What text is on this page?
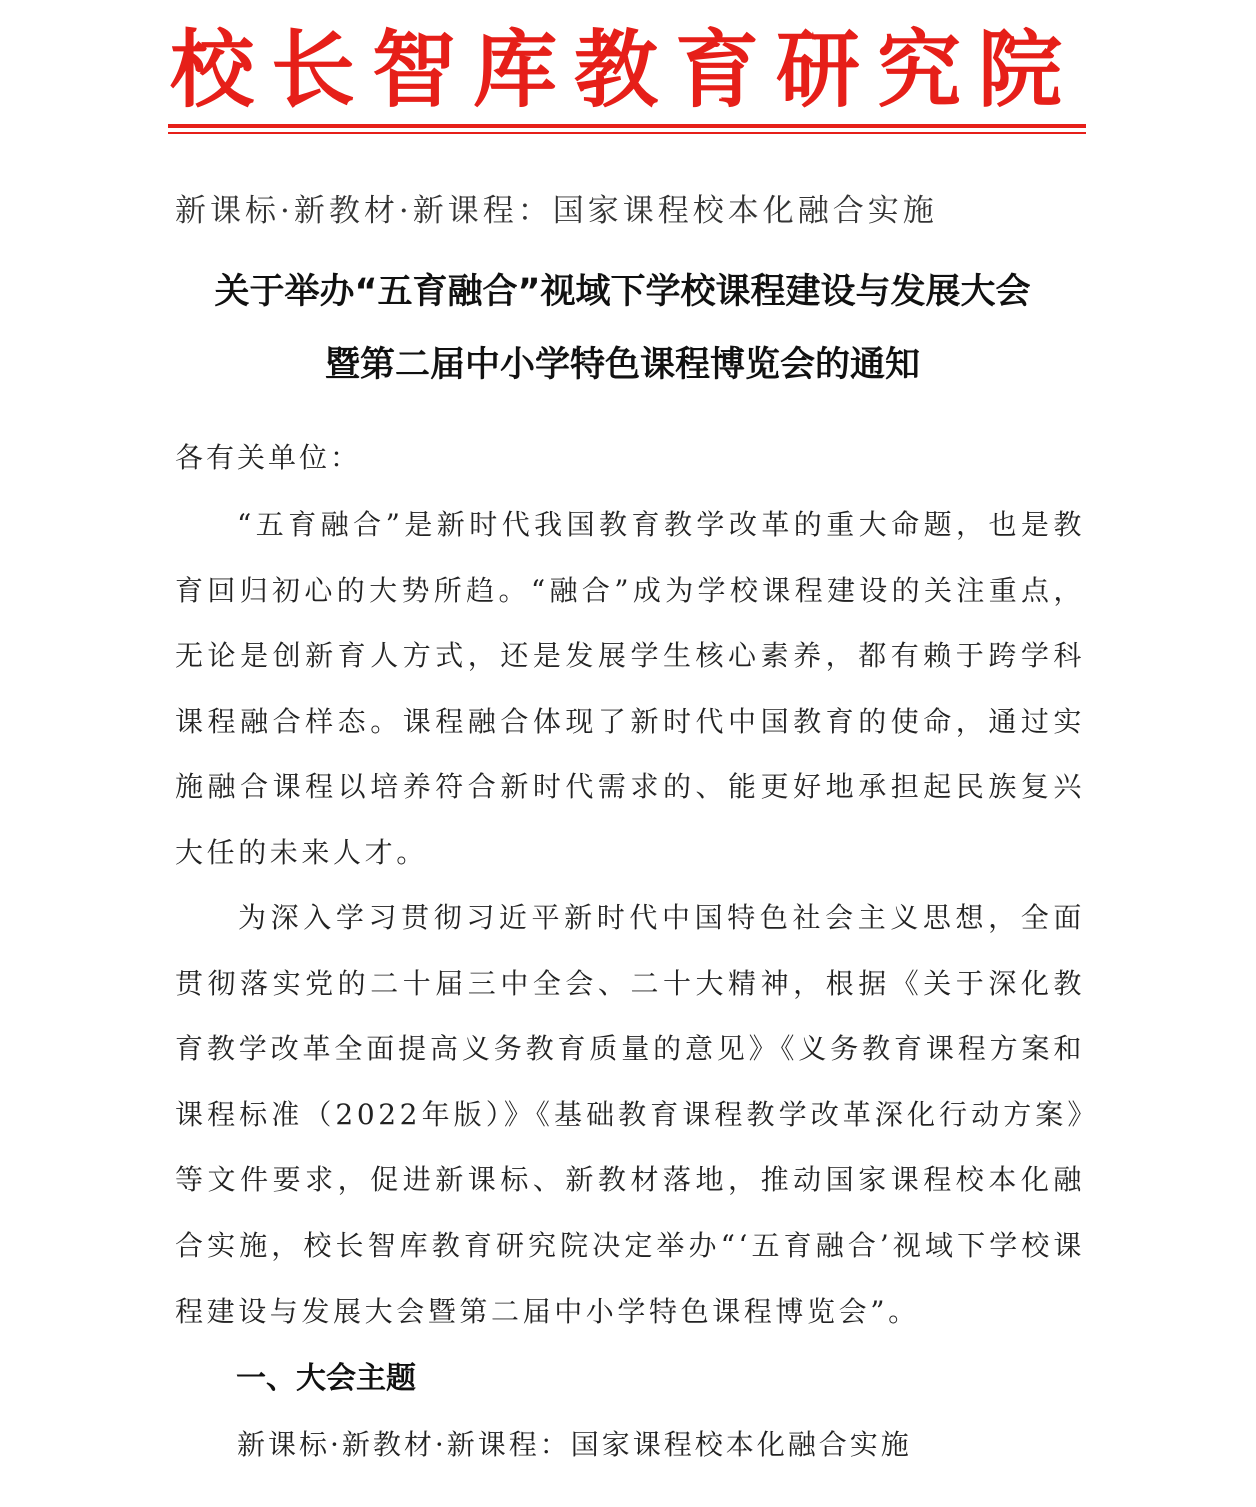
校长智库教育研究院
新课标·新教材·新课程：国家课程校本化融合实施
关于举办“五育融合”视域下学校课程建设与发展大会
暨第二届中小学特色课程博览会的通知
各有关单位：
“五育融合”是新时代我国教育教学改革的重大命题，也是教育回归初心的大势所趋。“融合”成为学校课程建设的关注重点，无论是创新育人方式，还是发展学生核心素养，都有赖于跨学科课程融合样态。课程融合体现了新时代中国教育的使命，通过实施融合课程以培养符合新时代需求的、能更好地承担起民族复兴大任的未来人才。
为深入学习贯彻习近平新时代中国特色社会主义思想，全面贯彻落实党的二十届三中全会、二十大精神，根据《关于深化教育教学改革全面提高义务教育质量的意见》《义务教育课程方案和课程标准（2022年版）》《基础教育课程教学改革深化行动方案》等文件要求，促进新课标、新教材落地，推动国家课程校本化融合实施，校长智库教育研究院决定举办“‘五育融合’视域下学校课程建设与发展大会暨第二届中小学特色课程博览会”。
一、大会主题
新课标·新教材·新课程：国家课程校本化融合实施
